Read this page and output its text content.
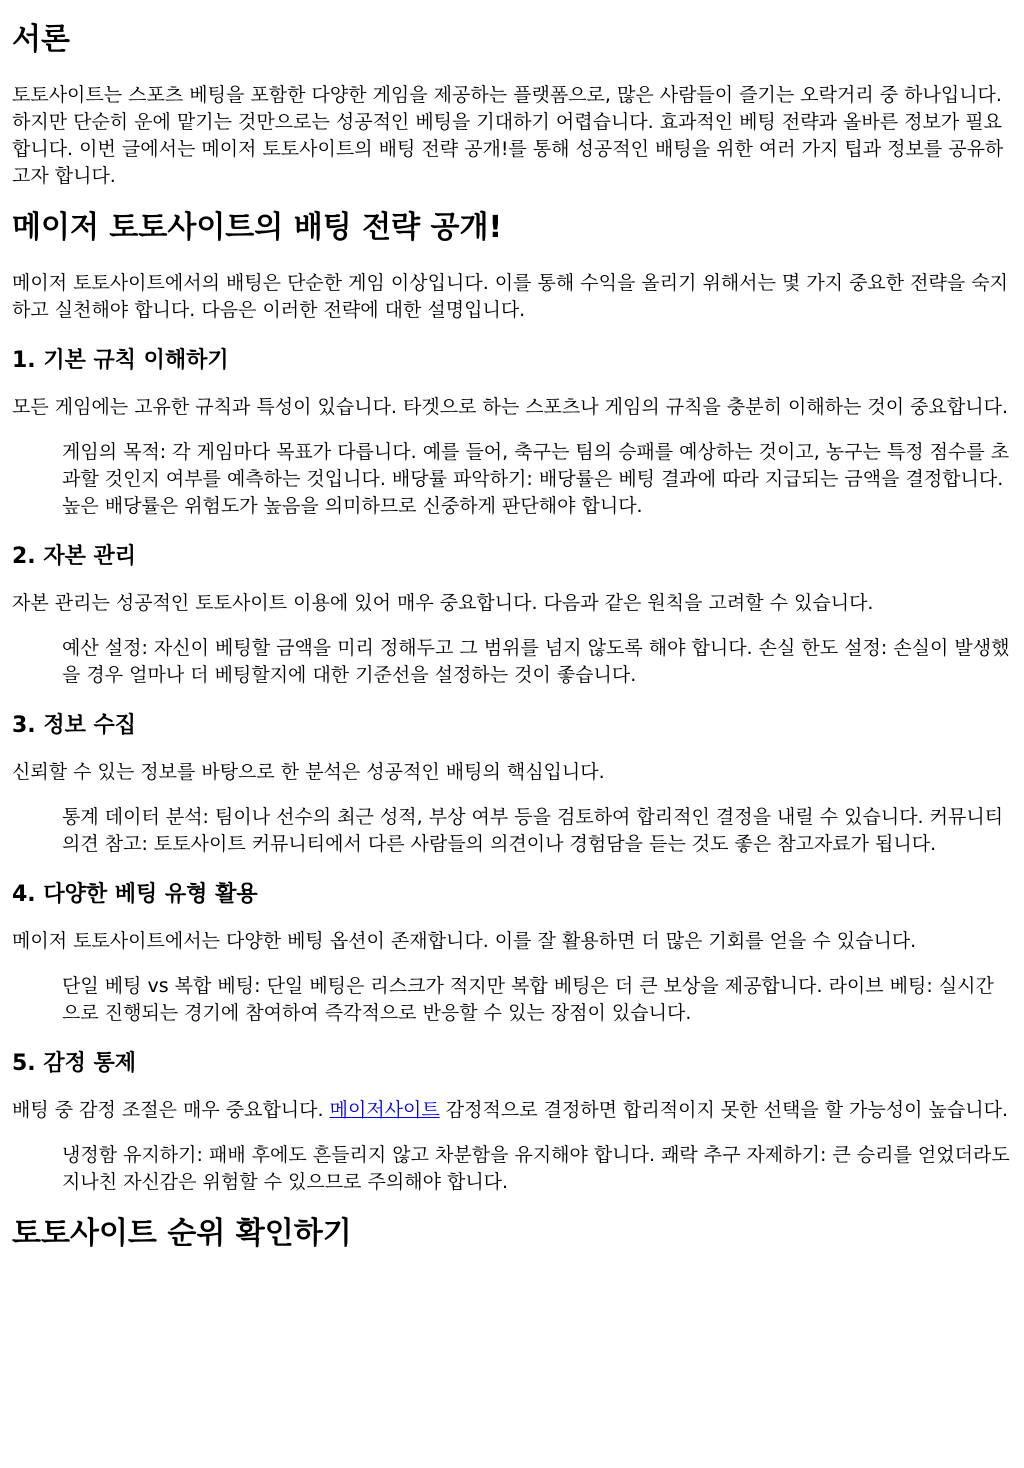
서론

토토사이트는 스포츠 베팅을 포함한 다양한 게임을 제공하는 플랫폼으로, 많은 사람들이 즐기는 오락거리 중 하나입니다. 하지만 단순히 운에 맡기는 것만으로는 성공적인 베팅을 기대하기 어렵습니다. 효과적인 베팅 전략과 올바른 정보가 필요합니다. 이번 글에서는 메이저 토토사이트의 배팅 전략 공개!를 통해 성공적인 배팅을 위한 여러 가지 팁과 정보를 공유하고자 합니다.

메이저 토토사이트의 배팅 전략 공개!

메이저 토토사이트에서의 배팅은 단순한 게임 이상입니다. 이를 통해 수익을 올리기 위해서는 몇 가지 중요한 전략을 숙지하고 실천해야 합니다. 다음은 이러한 전략에 대한 설명입니다.

1. 기본 규칙 이해하기

모든 게임에는 고유한 규칙과 특성이 있습니다. 타겟으로 하는 스포츠나 게임의 규칙을 충분히 이해하는 것이 중요합니다.

게임의 목적: 각 게임마다 목표가 다릅니다. 예를 들어, 축구는 팀의 승패를 예상하는 것이고, 농구는 특정 점수를 초과할 것인지 여부를 예측하는 것입니다. 배당률 파악하기: 배당률은 베팅 결과에 따라 지급되는 금액을 결정합니다. 높은 배당률은 위험도가 높음을 의미하므로 신중하게 판단해야 합니다.
2. 자본 관리

자본 관리는 성공적인 토토사이트 이용에 있어 매우 중요합니다. 다음과 같은 원칙을 고려할 수 있습니다.

예산 설정: 자신이 베팅할 금액을 미리 정해두고 그 범위를 넘지 않도록 해야 합니다. 손실 한도 설정: 손실이 발생했을 경우 얼마나 더 베팅할지에 대한 기준선을 설정하는 것이 좋습니다.
3. 정보 수집

신뢰할 수 있는 정보를 바탕으로 한 분석은 성공적인 배팅의 핵심입니다.

통계 데이터 분석: 팀이나 선수의 최근 성적, 부상 여부 등을 검토하여 합리적인 결정을 내릴 수 있습니다. 커뮤니티 의견 참고: 토토사이트 커뮤니티에서 다른 사람들의 의견이나 경험담을 듣는 것도 좋은 참고자료가 됩니다.
4. 다양한 베팅 유형 활용

메이저 토토사이트에서는 다양한 베팅 옵션이 존재합니다. 이를 잘 활용하면 더 많은 기회를 얻을 수 있습니다.

단일 베팅 vs 복합 베팅: 단일 베팅은 리스크가 적지만 복합 베팅은 더 큰 보상을 제공합니다. 라이브 베팅: 실시간으로 진행되는 경기에 참여하여 즉각적으로 반응할 수 있는 장점이 있습니다.
5. 감정 통제

배팅 중 감정 조절은 매우 중요합니다. 메이저사이트 감정적으로 결정하면 합리적이지 못한 선택을 할 가능성이 높습니다.

냉정함 유지하기: 패배 후에도 흔들리지 않고 차분함을 유지해야 합니다. 쾌락 추구 자제하기: 큰 승리를 얻었더라도 지나친 자신감은 위험할 수 있으므로 주의해야 합니다.
토토사이트 순위 확인하기
